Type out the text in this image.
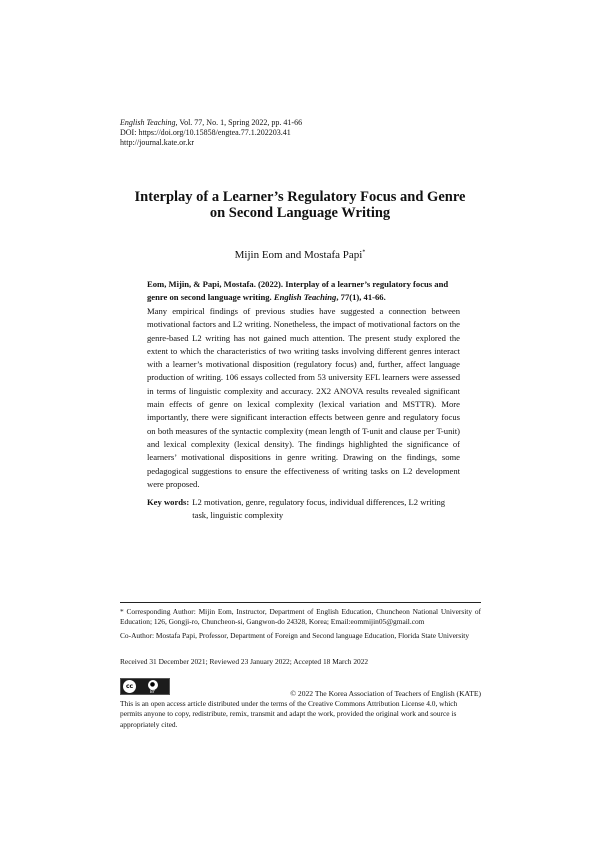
English Teaching, Vol. 77, No. 1, Spring 2022, pp. 41-66
DOI: https://doi.org/10.15858/engtea.77.1.202203.41
http://journal.kate.or.kr
Interplay of a Learner’s Regulatory Focus and Genre
on Second Language Writing
Mijin Eom and Mostafa Papi*
Eom, Mijin, & Papi, Mostafa. (2022). Interplay of a learner’s regulatory focus and genre on second language writing. English Teaching, 77(1), 41-66.
Many empirical findings of previous studies have suggested a connection between motivational factors and L2 writing. Nonetheless, the impact of motivational factors on the genre-based L2 writing has not gained much attention. The present study explored the extent to which the characteristics of two writing tasks involving different genres interact with a learner’s motivational disposition (regulatory focus) and, further, affect language production of writing. 106 essays collected from 53 university EFL learners were assessed in terms of linguistic complexity and accuracy. 2X2 ANOVA results revealed significant main effects of genre on lexical complexity (lexical variation and MSTTR). More importantly, there were significant interaction effects between genre and regulatory focus on both measures of the syntactic complexity (mean length of T-unit and clause per T-unit) and lexical complexity (lexical density). The findings highlighted the significance of learners’ motivational dispositions in genre writing. Drawing on the findings, some pedagogical suggestions to ensure the effectiveness of writing tasks on L2 development were proposed.
Key words: L2 motivation, genre, regulatory focus, individual differences, L2 writing task, linguistic complexity
* Corresponding Author: Mijin Eom, Instructor, Department of English Education, Chuncheon National University of Education; 126, Gongji-ro, Chuncheon-si, Gangwon-do 24328, Korea; Email:eommijin05@gmail.com
Co-Author: Mostafa Papi, Professor, Department of Foreign and Second language Education, Florida State University
Received 31 December 2021; Reviewed 23 January 2022; Accepted 18 March 2022
cc	●
BY	© 2022 The Korea Association of Teachers of English (KATE)
This is an open access article distributed under the terms of the Creative Commons Attribution License 4.0, which permits anyone to copy, redistribute, remix, transmit and adapt the work, provided the original work and source is appropriately cited.
